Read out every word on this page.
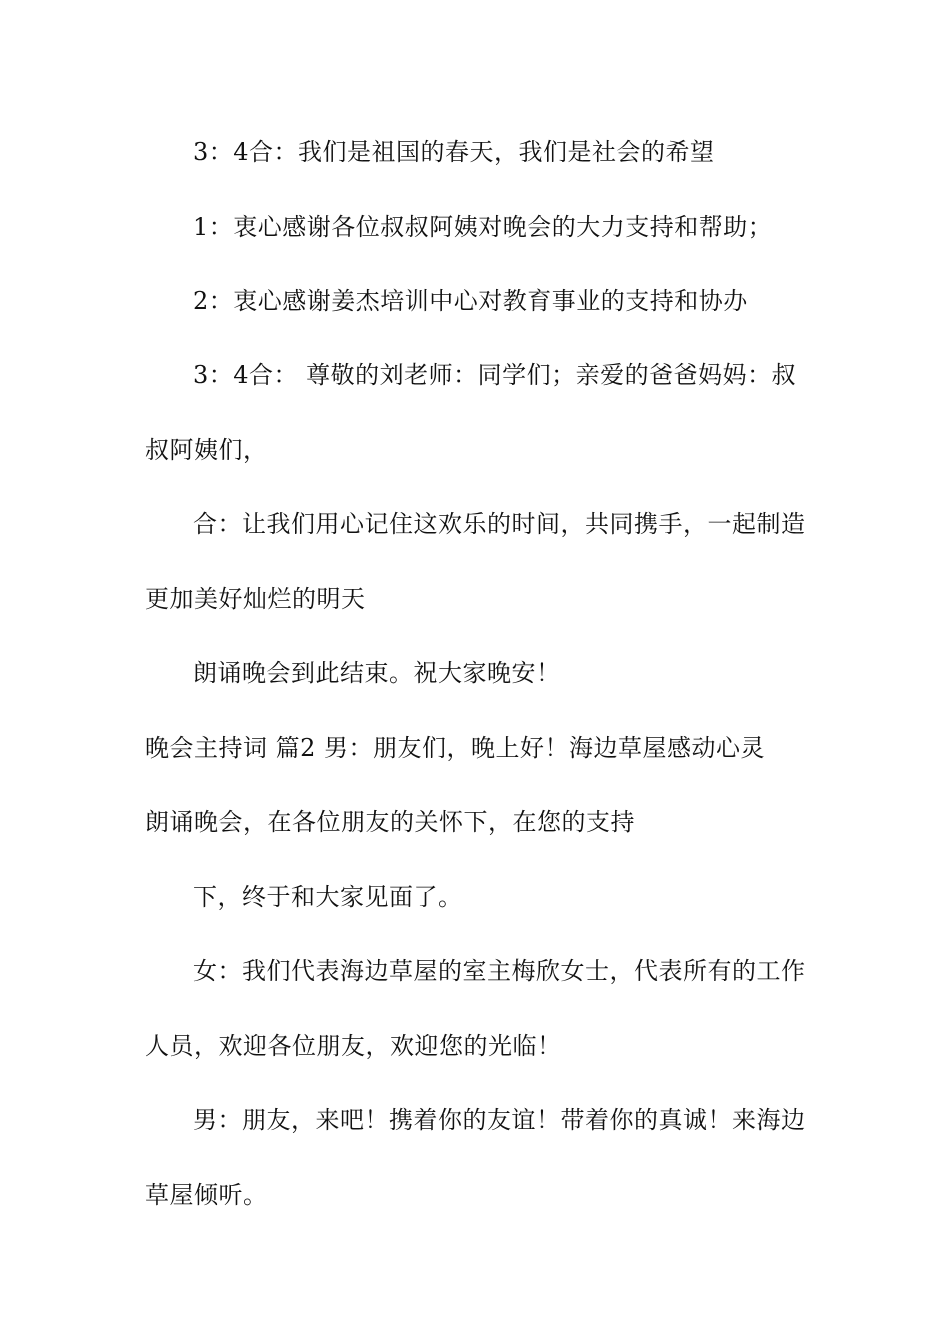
3：4合：我们是祖国的春天，我们是社会的希望
1：衷心感谢各位叔叔阿姨对晚会的大力支持和帮助；
2：衷心感谢姜杰培训中心对教育事业的支持和协办
3：4合： 尊敬的刘老师：同学们；亲爱的爸爸妈妈：叔
叔阿姨们，
合：让我们用心记住这欢乐的时间，共同携手，一起制造
更加美好灿烂的明天
朗诵晚会到此结束。祝大家晚安！
晚会主持词 篇2 男：朋友们，晚上好！海边草屋感动心灵
朗诵晚会，在各位朋友的关怀下，在您的支持
下，终于和大家见面了。
女：我们代表海边草屋的室主梅欣女士，代表所有的工作
人员，欢迎各位朋友，欢迎您的光临！
男：朋友，来吧！携着你的友谊！带着你的真诚！来海边
草屋倾听。
